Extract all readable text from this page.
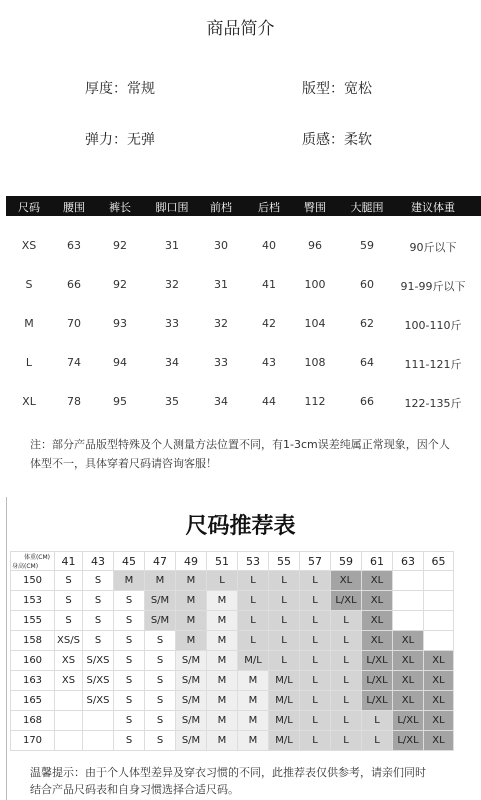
商品简介
厚度：常规	版型：宽松
弹力：无弹	质感：柔软
尺码 腰围 裤长 脚口围 前档 后档 臀围 大腿围	建议体重
XS	63	92	31	30	40	96	59	90斤以下
S	66	92	32	31	41	100	60 91-99斤以下
M	70	93	33	32	42	104	62	100-110斤
L	74	94	34	33	43	108	64	111-121斤
XL	78	95	35	34	44	112	66	122-135斤
注：部分产品版型特殊及个人测量方法位置不同，有1-3cm误差纯属正常现象，因个人
体型不一，具体穿着尺码请咨询客服！
尺码推荐表
体重(CM)
身高(CM)	41	43	45	47	49	51	53	55	57	59	61	63	65
150	S	S	M	M	M	L	L	L	L	XL	XL		
153	S	S	S	S/M	M	M	L	L	L	L/XL	XL		
155	S	S	S	S/M	M	M	L	L	L	L	XL		
158	XS/S	S	S	S	M	M	L	L	L	L	XL	XL	
160	XS	S/XS	S	S	S/M	M	M/L	L	L	L	L/XL	XL	XL
163	XS	S/XS	S	S	S/M	M	M	M/L	L	L	L/XL	XL	XL
165		S/XS	S	S	S/M	M	M	M/L	L	L	L/XL	XL	XL
168			S	S	S/M	M	M	M/L	L	L	L	L/XL	XL
170			S	S	S/M	M	M	M/L	L	L	L	L/XL	XL
温馨提示：由于个人体型差异及穿衣习惯的不同，此推荐表仅供参考，请亲们同时
结合产品尺码表和自身习惯选择合适尺码。
